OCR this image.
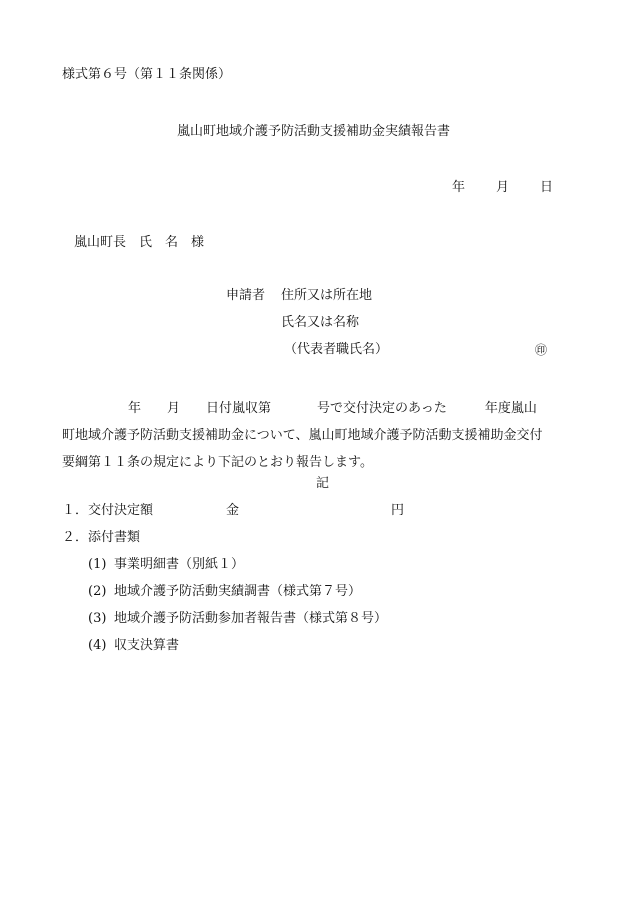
様式第６号（第１１条関係）
嵐山町地域介護予防活動支援補助金実績報告書
年 月 日
嵐山町長　氏　名　様
申請者 住所又は所在地
氏名又は名称
（代表者職氏名）	㊞
年 月 日付嵐収第	号で交付決定のあった	年度嵐山
町地域介護予防活動支援補助金について、嵐山町地域介護予防活動支援補助金交付
要綱第１１条の規定により下記のとおり報告します。
記
１． 交付決定額	金	円
２． 添付書類
(1) 事業明細書（別紙１）
(2) 地域介護予防活動実績調書（様式第７号）
(3) 地域介護予防活動参加者報告書（様式第８号）
(4) 収支決算書
